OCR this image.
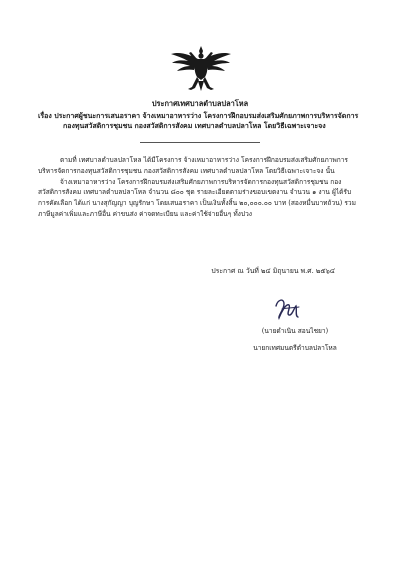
ประกาศเทศบาลตำบลปลาโหล
เรื่อง ประกาศผู้ชนะการเสนอราคา จ้างเหมาอาหารว่าง โครงการฝึกอบรมส่งเสริมศักยภาพการบริหารจัดการ
กองทุนสวัสดิการชุมชน กองสวัสดิการสังคม เทศบาลตำบลปลาโหล โดยวิธีเฉพาะเจาะจง
ตามที่ เทศบาลตำบลปลาโหล ได้มีโครงการ จ้างเหมาอาหารว่าง โครงการฝึกอบรมส่งเสริมศักยภาพการ
บริหารจัดการกองทุนสวัสดิการชุมชน กองสวัสดิการสังคม เทศบาลตำบลปลาโหล โดยวิธีเฉพาะเจาะจง นั้น
จ้างเหมาอาหารว่าง โครงการฝึกอบรมส่งเสริมศักยภาพการบริหารจัดการกองทุนสวัสดิการชุมชน กอง
สวัสดิการสังคม เทศบาลตำบลปลาโหล จำนวน ๘๐๐ ชุด รายละเอียดตามร่างขอบเขตงาน จำนวน ๑ งาน ผู้ได้รับ
การคัดเลือก ได้แก่ นางสุกัญญา บุญรักษา โดยเสนอราคา เป็นเงินทั้งสิ้น ๒๐,๐๐๐.๐๐ บาท (สองหมื่นบาทถ้วน) รวม
ภาษีมูลค่าเพิ่มและภาษีอื่น ค่าขนส่ง ค่าจดทะเบียน และค่าใช้จ่ายอื่นๆ ทั้งปวง
ประกาศ ณ วันที่ ๒๔ มิถุนายน พ.ศ. ๒๕๖๔
(นายดำเนิน สอนไชยา)
นายกเทศมนตรีตำบลปลาโหล
